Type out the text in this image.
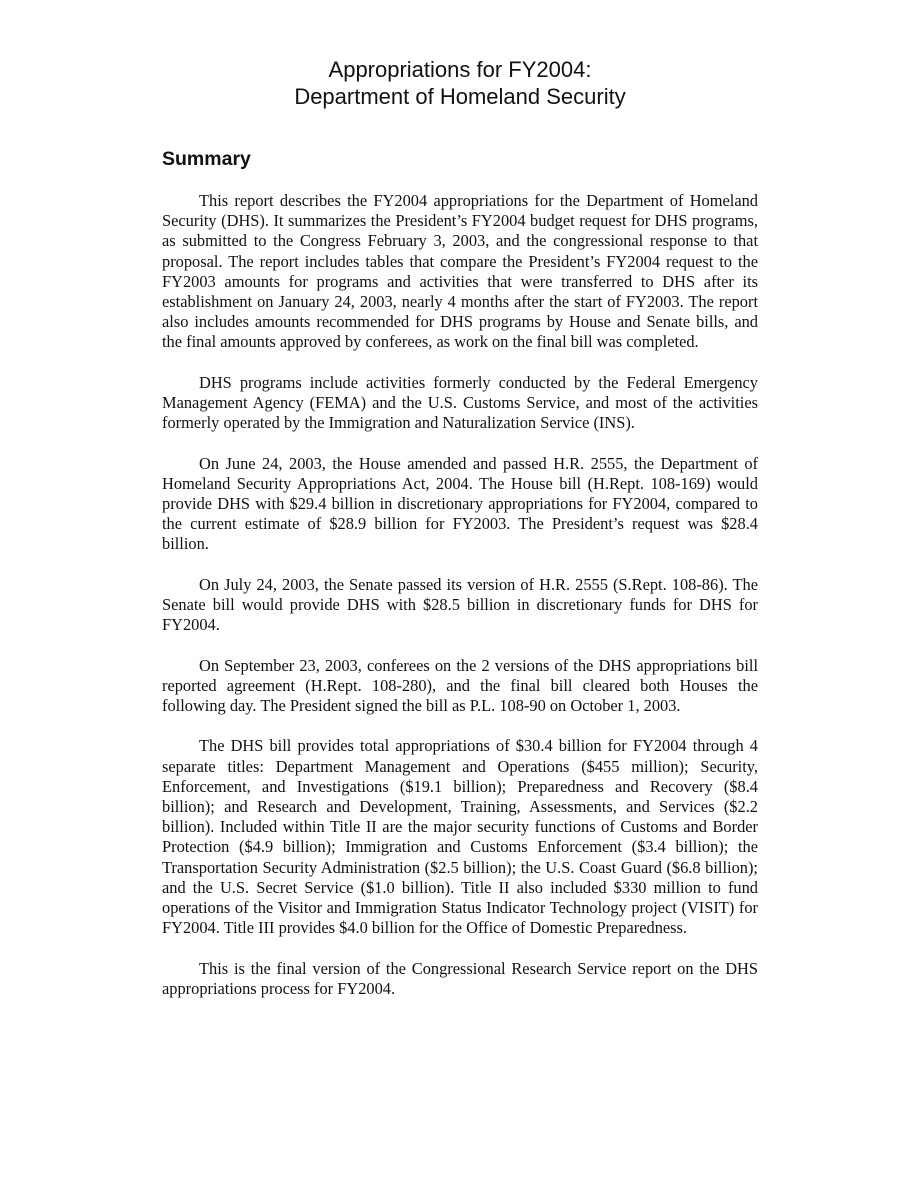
Appropriations for FY2004:
Department of Homeland Security
Summary

This report describes the FY2004 appropriations for the Department of Homeland Security (DHS). It summarizes the President’s FY2004 budget request for DHS programs, as submitted to the Congress February 3, 2003, and the congressional response to that proposal. The report includes tables that compare the President’s FY2004 request to the FY2003 amounts for programs and activities that were transferred to DHS after its establishment on January 24, 2003, nearly 4 months after the start of FY2003. The report also includes amounts recommended for DHS programs by House and Senate bills, and the final amounts approved by conferees, as work on the final bill was completed.

DHS programs include activities formerly conducted by the Federal Emergency Management Agency (FEMA) and the U.S. Customs Service, and most of the activities formerly operated by the Immigration and Naturalization Service (INS).

On June 24, 2003, the House amended and passed H.R. 2555, the Department of Homeland Security Appropriations Act, 2004. The House bill (H.Rept. 108-169) would provide DHS with $29.4 billion in discretionary appropriations for FY2004, compared to the current estimate of $28.9 billion for FY2003. The President’s request was $28.4 billion.

On July 24, 2003, the Senate passed its version of H.R. 2555 (S.Rept. 108-86). The Senate bill would provide DHS with $28.5 billion in discretionary funds for DHS for FY2004.

On September 23, 2003, conferees on the 2 versions of the DHS appropriations bill reported agreement (H.Rept. 108-280), and the final bill cleared both Houses the following day. The President signed the bill as P.L. 108-90 on October 1, 2003.

The DHS bill provides total appropriations of $30.4 billion for FY2004 through 4 separate titles: Department Management and Operations ($455 million); Security, Enforcement, and Investigations ($19.1 billion); Preparedness and Recovery ($8.4 billion); and Research and Development, Training, Assessments, and Services ($2.2 billion). Included within Title II are the major security functions of Customs and Border Protection ($4.9 billion); Immigration and Customs Enforcement ($3.4 billion); the Transportation Security Administration ($2.5 billion); the U.S. Coast Guard ($6.8 billion); and the U.S. Secret Service ($1.0 billion). Title II also included $330 million to fund operations of the Visitor and Immigration Status Indicator Technology project (VISIT) for FY2004. Title III provides $4.0 billion for the Office of Domestic Preparedness.

This is the final version of the Congressional Research Service report on the DHS appropriations process for FY2004.
